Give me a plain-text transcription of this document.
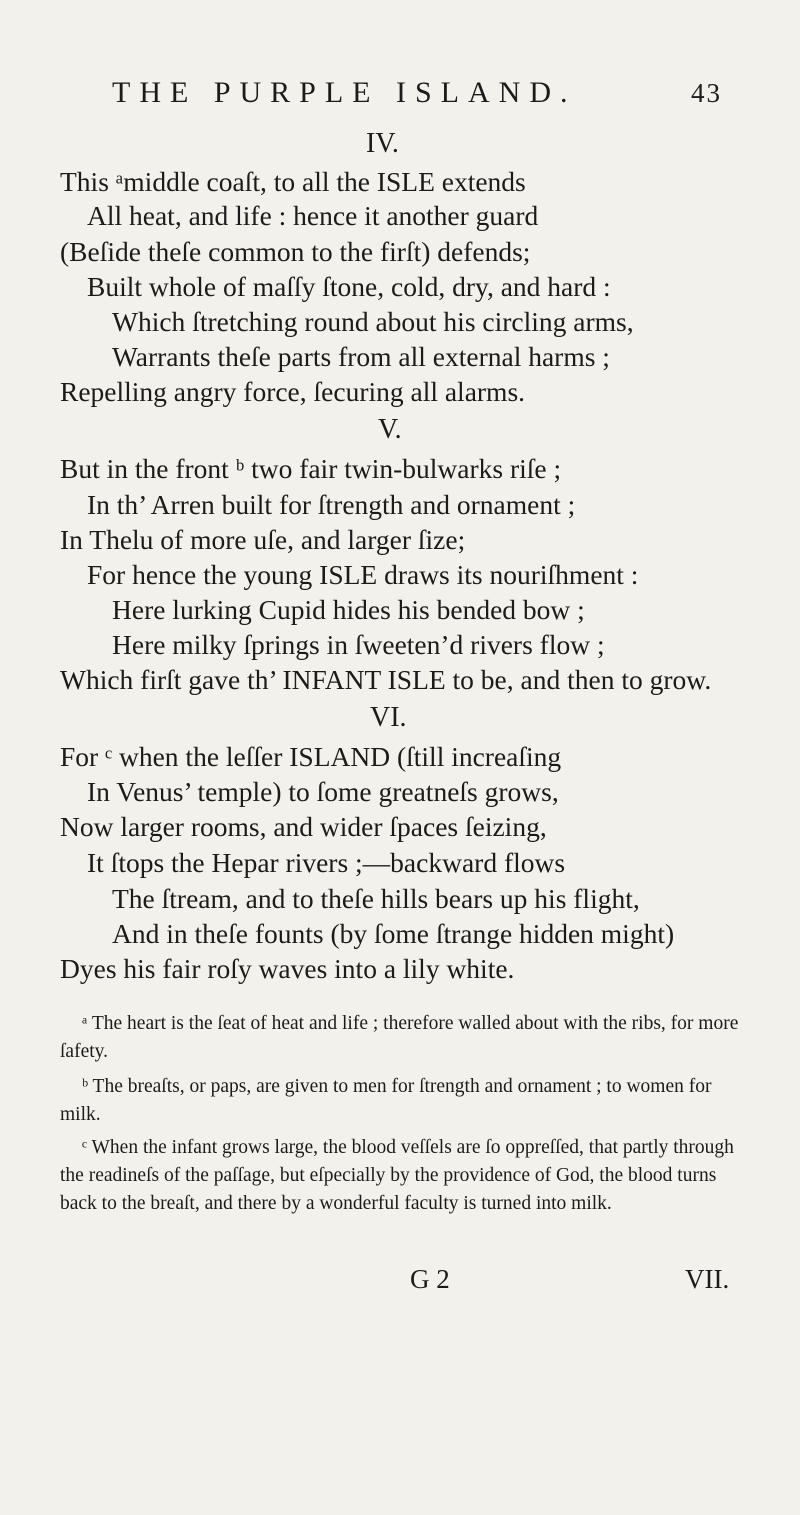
THE PURPLE ISLAND.	43
IV.
This ᵃmiddle coaſt, to all the ISLE extends
All heat, and life : hence it another guard
(Beſide theſe common to the firſt) defends;
Built whole of maſſy ſtone, cold, dry, and hard :
Which ſtretching round about his circling arms,
Warrants theſe parts from all external harms ;
Repelling angry force, ſecuring all alarms.
V.
But in the front ᵇ two fair twin-bulwarks riſe ;
In th’ Arren built for ſtrength and ornament ;
In Thelu of more uſe, and larger ſize;
For hence the young ISLE draws its nouriſhment :
Here lurking Cupid hides his bended bow ;
Here milky ſprings in ſweeten’d rivers flow ;
Which firſt gave th’ INFANT ISLE to be, and then to grow.
VI.
For ᶜ when the leſſer ISLAND (ſtill increaſing
In Venus’ temple) to ſome greatneſs grows,
Now larger rooms, and wider ſpaces ſeizing,
It ſtops the Hepar rivers ;—backward flows
The ſtream, and to theſe hills bears up his flight,
And in theſe founts (by ſome ſtrange hidden might)
Dyes his fair roſy waves into a lily white.
ᵃ The heart is the ſeat of heat and life ; therefore walled about with the ribs, for more ſafety.
ᵇ The breaſts, or paps, are given to men for ſtrength and ornament ; to women for milk.
ᶜ When the infant grows large, the blood veſſels are ſo oppreſſed, that partly through the readineſs of the paſſage, but eſpecially by the providence of God, the blood turns back to the breaſt, and there by a wonderful faculty is turned into milk.
G 2	VII.
